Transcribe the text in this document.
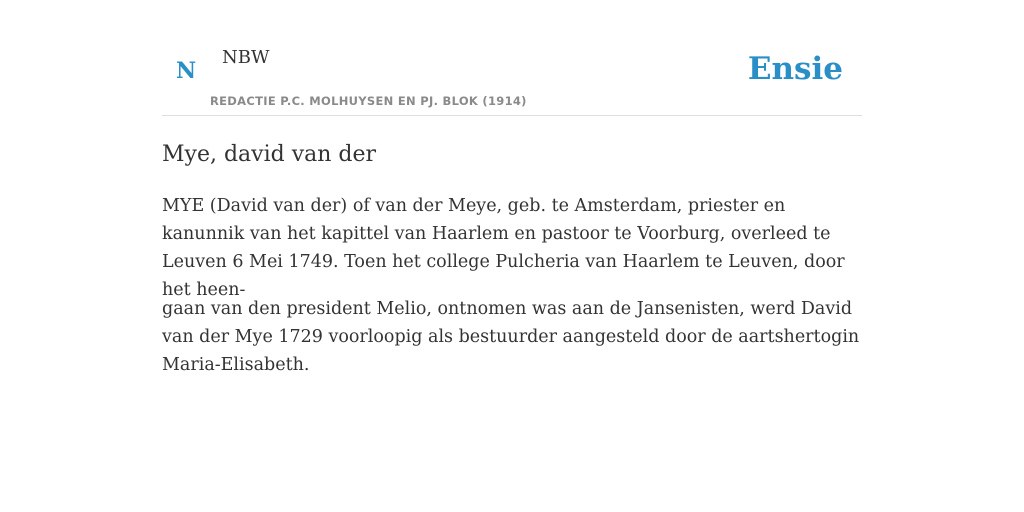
N
NBW
REDACTIE P.C. MOLHUYSEN EN PJ. BLOK (1914)
Ensie
Mye, david van der

MYE (David van der) of van der Meye, geb. te Amsterdam, priester en kanunnik van het kapittel van Haarlem en pastoor te Voorburg, overleed te Leuven 6 Mei 1749. Toen het college Pulcheria van Haarlem te Leuven, door het heen-

gaan van den president Melio, ontnomen was aan de Jansenisten, werd David van der Mye 1729 voorloopig als bestuurder aangesteld door de aartshertogin Maria-Elisabeth.
